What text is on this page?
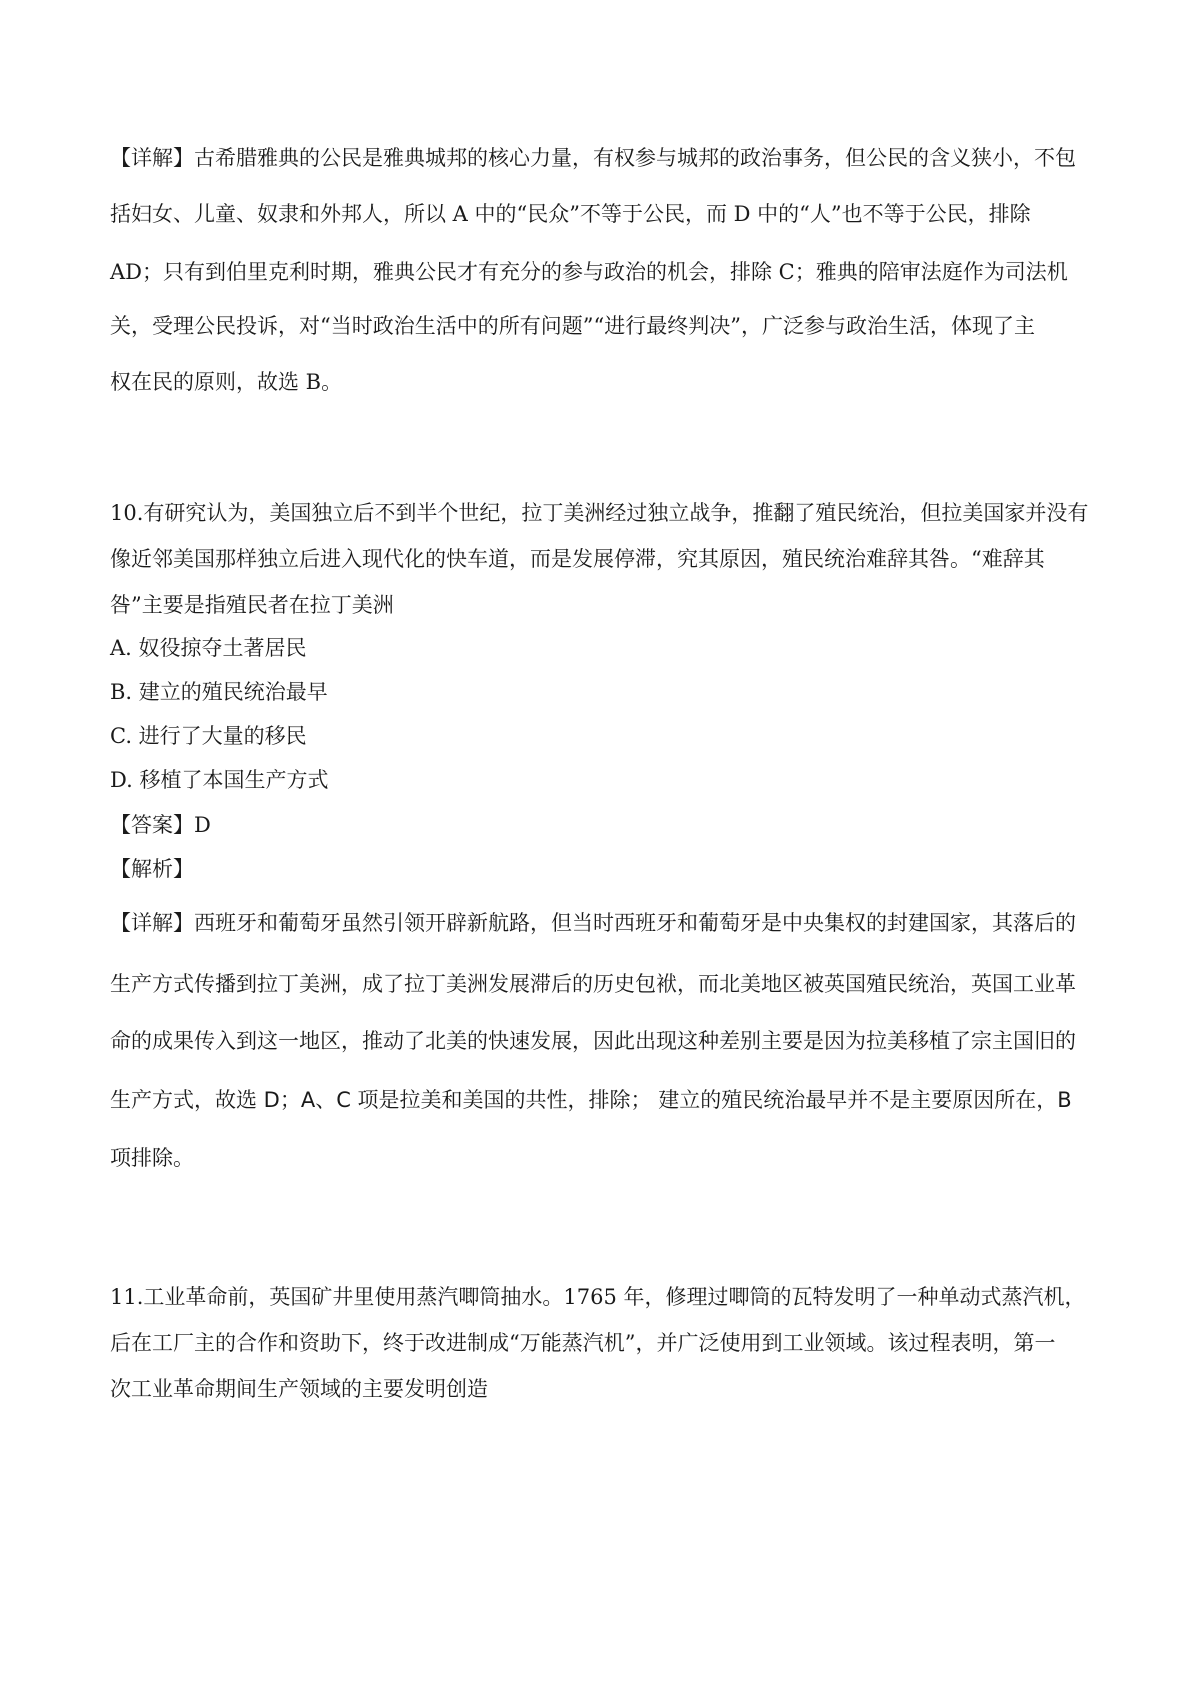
【详解】古希腊雅典的公民是雅典城邦的核心力量，有权参与城邦的政治事务，但公民的含义狭小，不包
括妇女、儿童、奴隶和外邦人，所以 A 中的“民众”不等于公民，而 D 中的“人”也不等于公民，排除
AD；只有到伯里克利时期，雅典公民才有充分的参与政治的机会，排除 C；雅典的陪审法庭作为司法机
关，受理公民投诉，对“当时政治生活中的所有问题”“进行最终判决”，广泛参与政治生活，体现了主
权在民的原则，故选 B。
10.有研究认为，美国独立后不到半个世纪，拉丁美洲经过独立战争，推翻了殖民统治，但拉美国家并没有
像近邻美国那样独立后进入现代化的快车道，而是发展停滞，究其原因，殖民统治难辞其咎。“难辞其
咎”主要是指殖民者在拉丁美洲
A. 奴役掠夺土著居民
B. 建立的殖民统治最早
C. 进行了大量的移民
D. 移植了本国生产方式
【答案】D
【解析】
【详解】西班牙和葡萄牙虽然引领开辟新航路，但当时西班牙和葡萄牙是中央集权的封建国家，其落后的
生产方式传播到拉丁美洲，成了拉丁美洲发展滞后的历史包袱，而北美地区被英国殖民统治，英国工业革
命的成果传入到这一地区，推动了北美的快速发展，因此出现这种差别主要是因为拉美移植了宗主国旧的
生产方式，故选 D；A、C 项是拉美和美国的共性，排除； 建立的殖民统治最早并不是主要原因所在，B
项排除。
11.工业革命前，英国矿井里使用蒸汽唧筒抽水。1765 年，修理过唧筒的瓦特发明了一种单动式蒸汽机，
后在工厂主的合作和资助下，终于改进制成“万能蒸汽机”，并广泛使用到工业领域。该过程表明，第一
次工业革命期间生产领域的主要发明创造
